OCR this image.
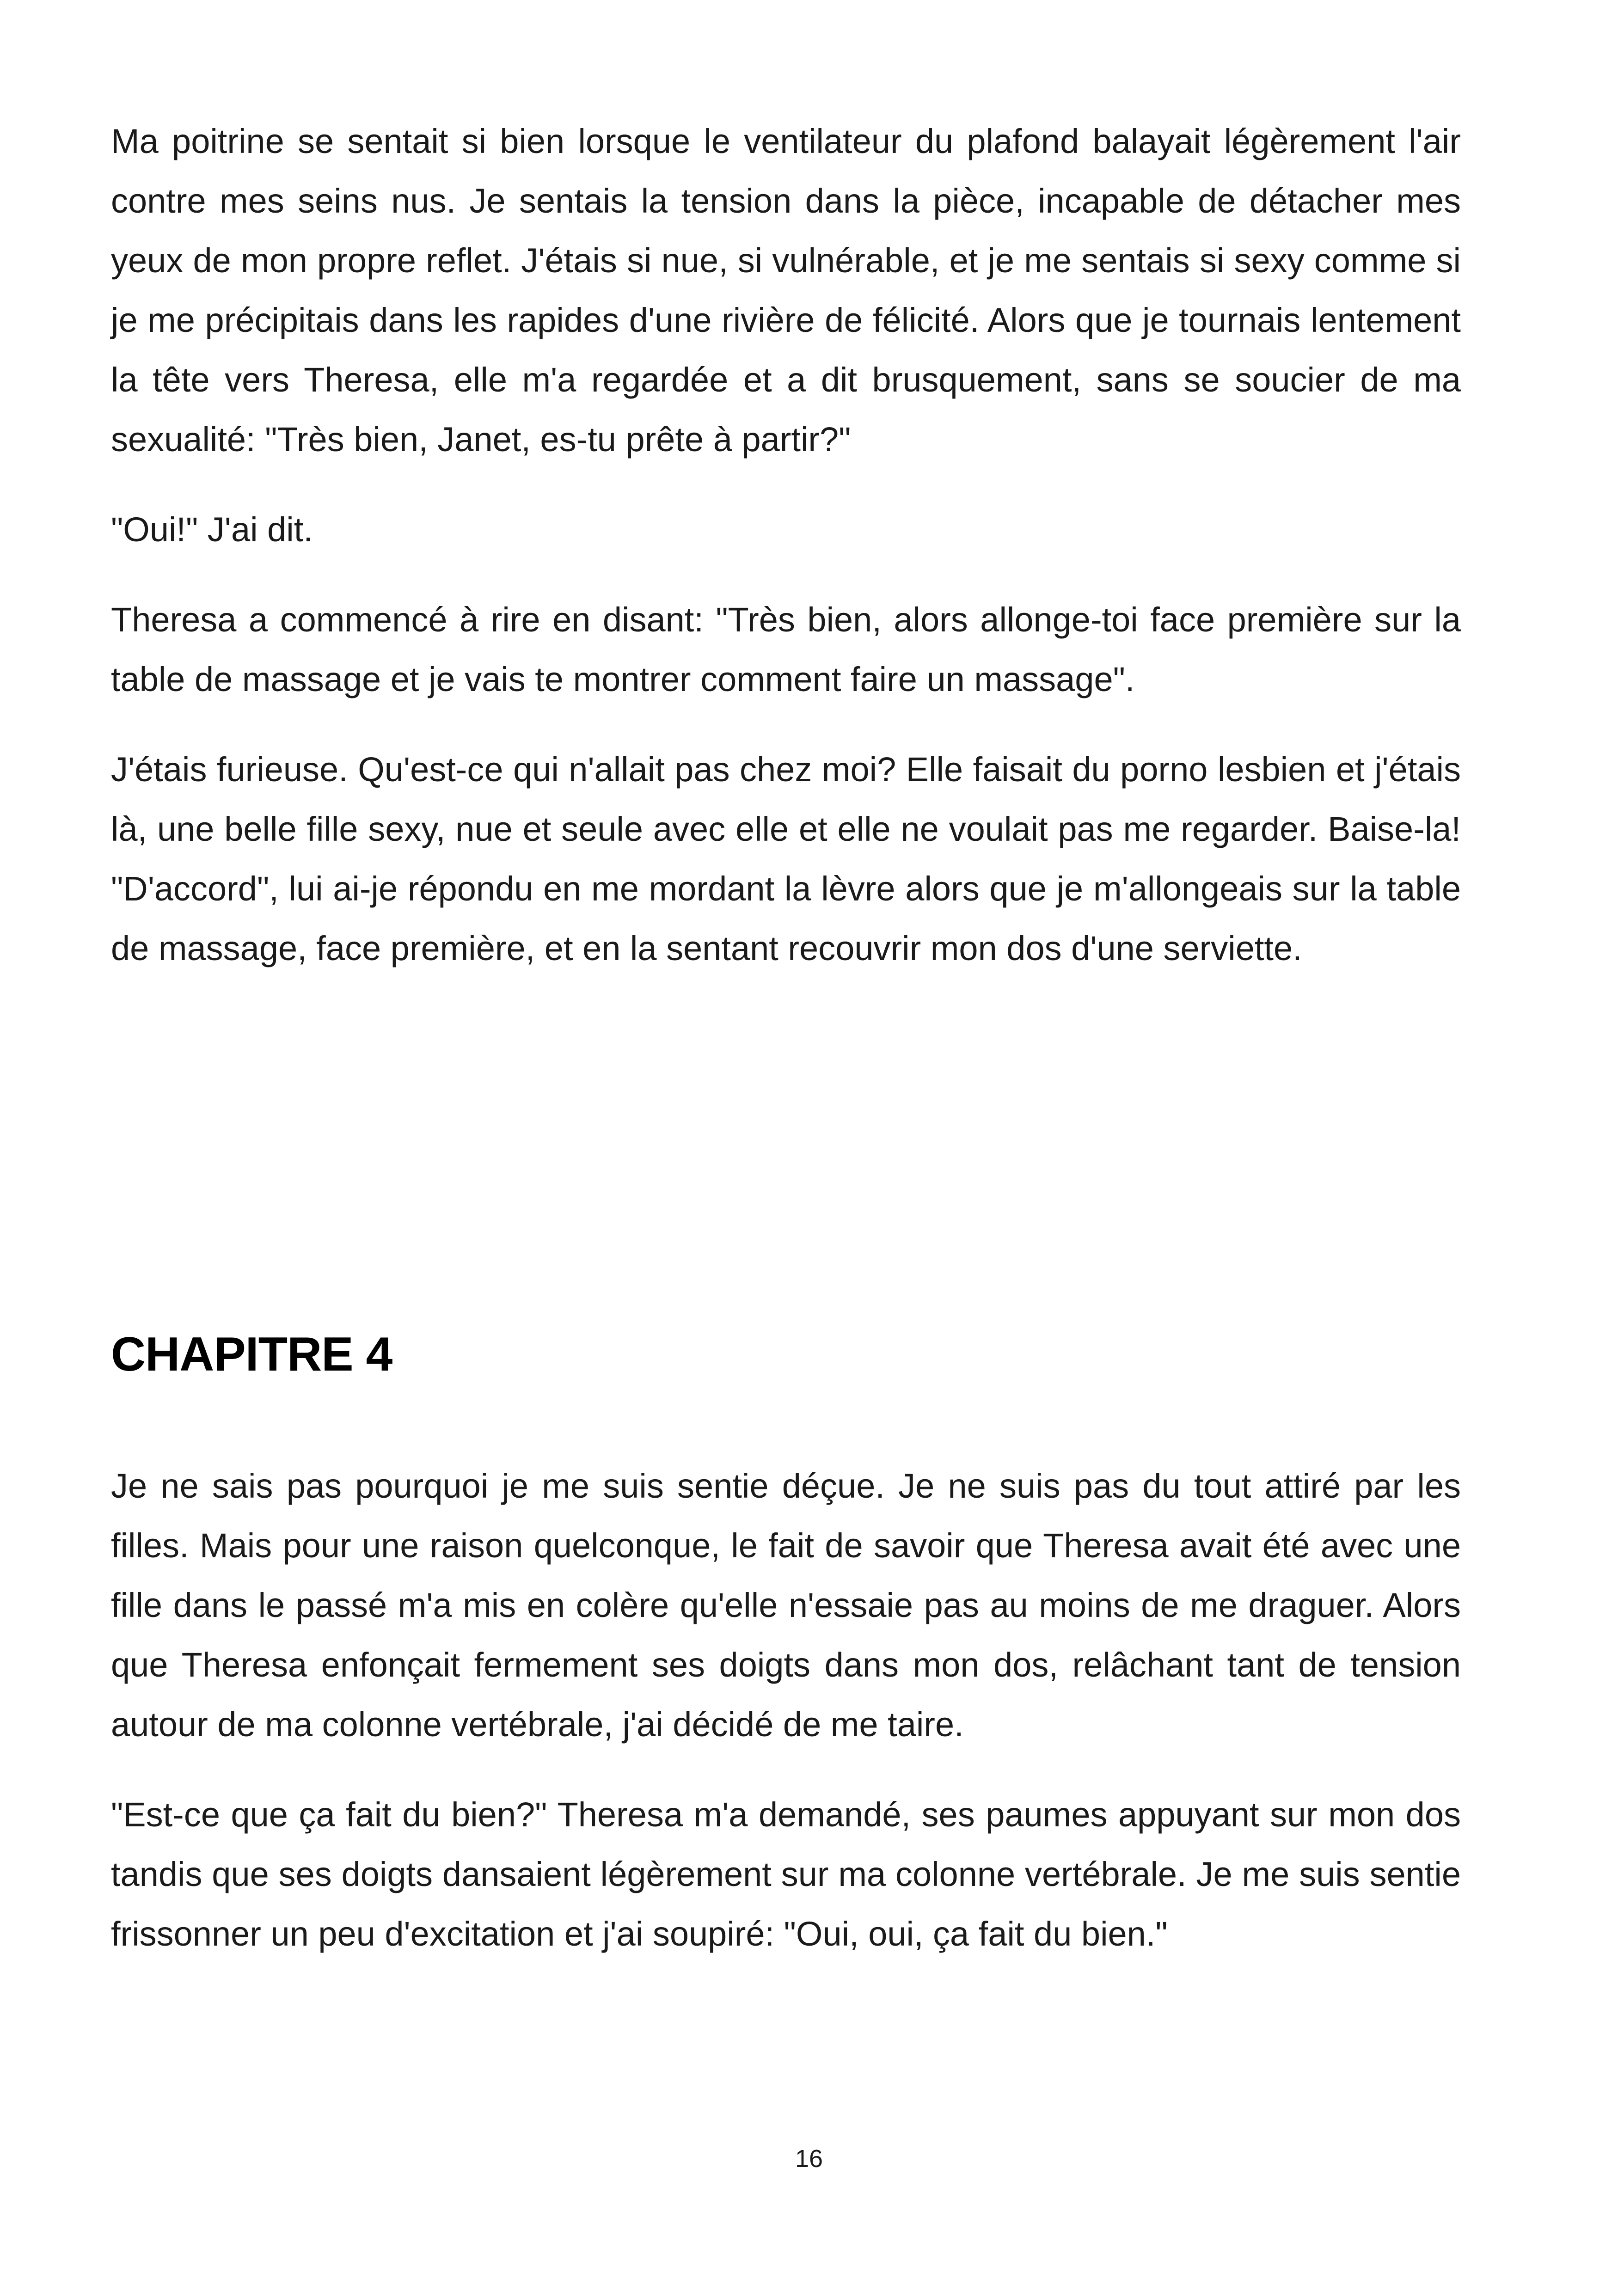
Ma poitrine se sentait si bien lorsque le ventilateur du plafond balayait légèrement l'air contre mes seins nus. Je sentais la tension dans la pièce, incapable de détacher mes yeux de mon propre reflet. J'étais si nue, si vulnérable, et je me sentais si sexy comme si je me précipitais dans les rapides d'une rivière de félicité. Alors que je tournais lentement la tête vers Theresa, elle m'a regardée et a dit brusquement, sans se soucier de ma sexualité: "Très bien, Janet, es-tu prête à partir?"

"Oui!" J'ai dit.

Theresa a commencé à rire en disant: "Très bien, alors allonge-toi face première sur la table de massage et je vais te montrer comment faire un massage".

J'étais furieuse. Qu'est-ce qui n'allait pas chez moi? Elle faisait du porno lesbien et j'étais là, une belle fille sexy, nue et seule avec elle et elle ne voulait pas me regarder. Baise-la! "D'accord", lui ai-je répondu en me mordant la lèvre alors que je m'allongeais sur la table de massage, face première, et en la sentant recouvrir mon dos d'une serviette.

CHAPITRE 4

Je ne sais pas pourquoi je me suis sentie déçue. Je ne suis pas du tout attiré par les filles. Mais pour une raison quelconque, le fait de savoir que Theresa avait été avec une fille dans le passé m'a mis en colère qu'elle n'essaie pas au moins de me draguer. Alors que Theresa enfonçait fermement ses doigts dans mon dos, relâchant tant de tension autour de ma colonne vertébrale, j'ai décidé de me taire.

"Est-ce que ça fait du bien?" Theresa m'a demandé, ses paumes appuyant sur mon dos tandis que ses doigts dansaient légèrement sur ma colonne vertébrale. Je me suis sentie frissonner un peu d'excitation et j'ai soupiré: "Oui, oui, ça fait du bien."

16
